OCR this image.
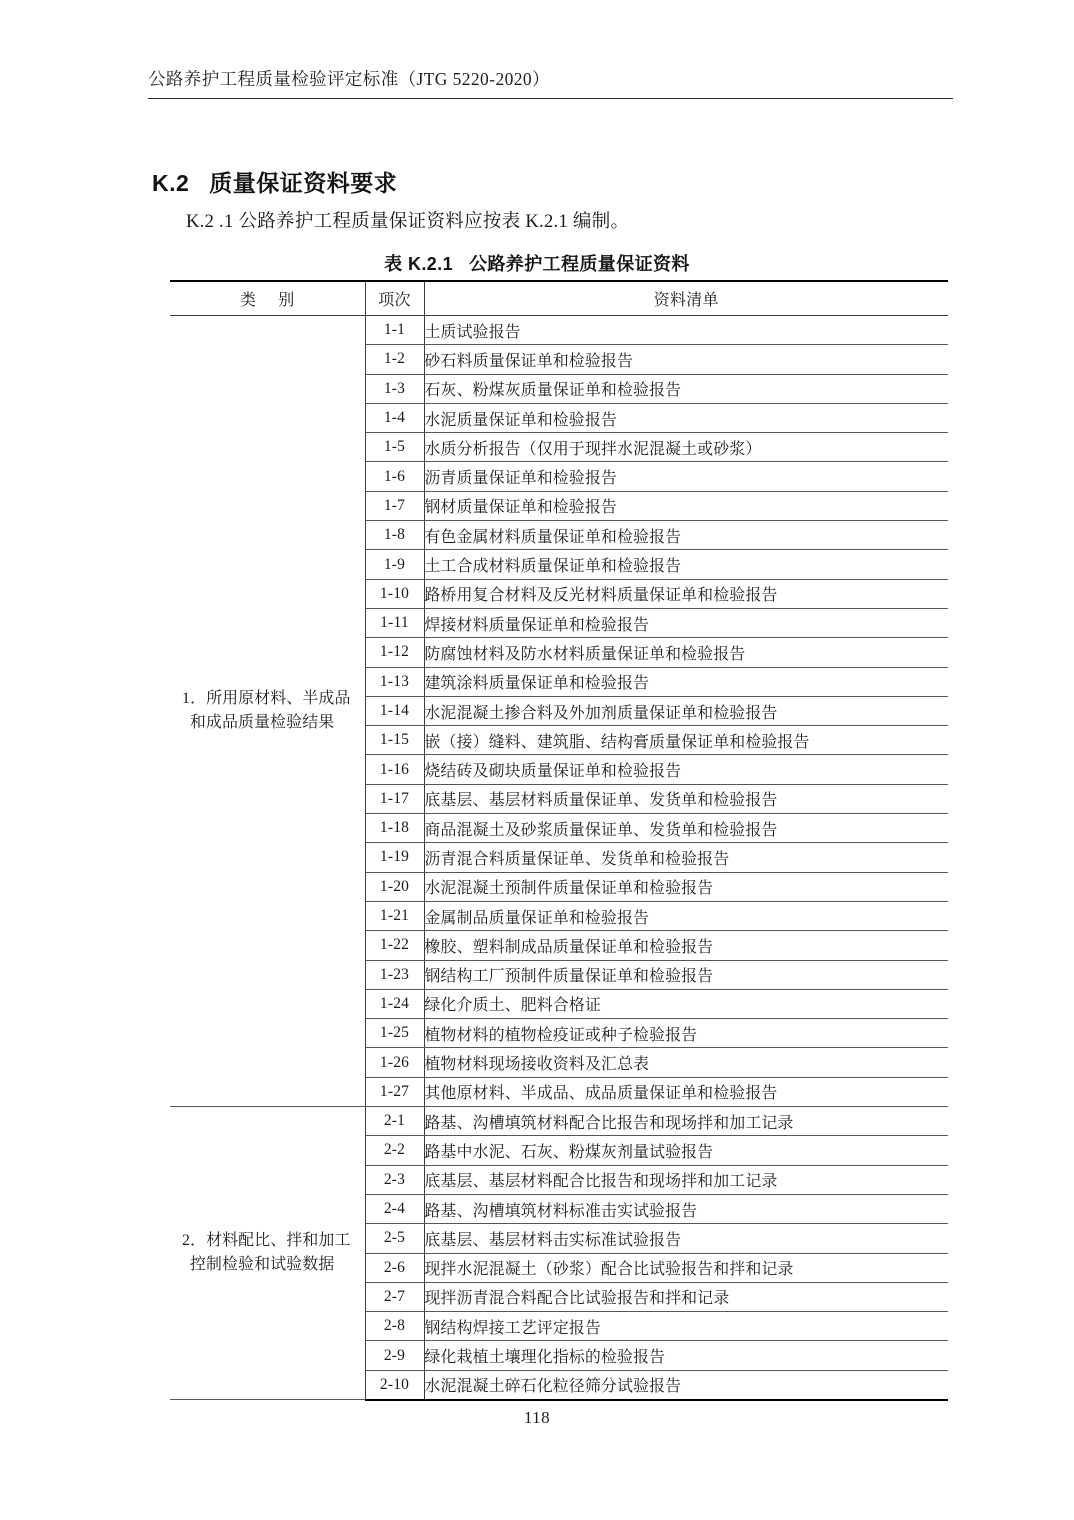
公路养护工程质量检验评定标准（JTG 5220-2020）
K.2 质量保证资料要求
K.2 .1 公路养护工程质量保证资料应按表 K.2.1 编制。
表 K.2.1 公路养护工程质量保证资料
类 别	项次	资料清单

1．所用原材料、半成品
和成品质量检验结果	1-1	土质试验报告
	1-2	砂石料质量保证单和检验报告
	1-3	石灰、粉煤灰质量保证单和检验报告
	1-4	水泥质量保证单和检验报告
	1-5	水质分析报告（仅用于现拌水泥混凝土或砂浆）
	1-6	沥青质量保证单和检验报告
	1-7	钢材质量保证单和检验报告
	1-8	有色金属材料质量保证单和检验报告
	1-9	土工合成材料质量保证单和检验报告
	1-10	路桥用复合材料及反光材料质量保证单和检验报告
	1-11	焊接材料质量保证单和检验报告
	1-12	防腐蚀材料及防水材料质量保证单和检验报告
	1-13	建筑涂料质量保证单和检验报告
	1-14	水泥混凝土掺合料及外加剂质量保证单和检验报告
	1-15	嵌（接）缝料、建筑脂、结构膏质量保证单和检验报告
	1-16	烧结砖及砌块质量保证单和检验报告
	1-17	底基层、基层材料质量保证单、发货单和检验报告
	1-18	商品混凝土及砂浆质量保证单、发货单和检验报告
	1-19	沥青混合料质量保证单、发货单和检验报告
	1-20	水泥混凝土预制件质量保证单和检验报告
	1-21	金属制品质量保证单和检验报告
	1-22	橡胶、塑料制成品质量保证单和检验报告
	1-23	钢结构工厂预制件质量保证单和检验报告
	1-24	绿化介质土、肥料合格证
	1-25	植物材料的植物检疫证或种子检验报告
	1-26	植物材料现场接收资料及汇总表
	1-27	其他原材料、半成品、成品质量保证单和检验报告

2．材料配比、拌和加工
控制检验和试验数据	2-1	路基、沟槽填筑材料配合比报告和现场拌和加工记录
	2-2	路基中水泥、石灰、粉煤灰剂量试验报告
	2-3	底基层、基层材料配合比报告和现场拌和加工记录
	2-4	路基、沟槽填筑材料标准击实试验报告
	2-5	底基层、基层材料击实标准试验报告
	2-6	现拌水泥混凝土（砂浆）配合比试验报告和拌和记录
	2-7	现拌沥青混合料配合比试验报告和拌和记录
	2-8	钢结构焊接工艺评定报告
	2-9	绿化栽植土壤理化指标的检验报告
	2-10	水泥混凝土碎石化粒径筛分试验报告
118
